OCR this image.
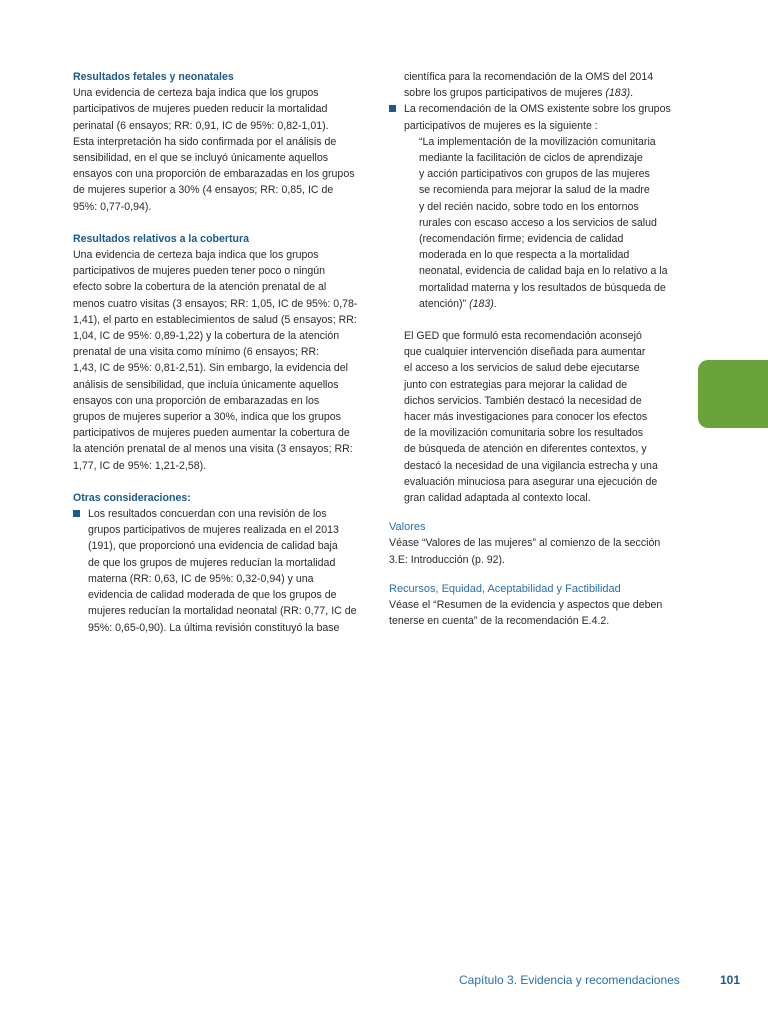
Resultados fetales y neonatales

Una evidencia de certeza baja indica que los grupos
participativos de mujeres pueden reducir la mortalidad
perinatal (6 ensayos; RR: 0,91, IC de 95%: 0,82-1,01).
Esta interpretación ha sido confirmada por el análisis de
sensibilidad, en el que se incluyó únicamente aquellos
ensayos con una proporción de embarazadas en los grupos
de mujeres superior a 30% (4 ensayos; RR: 0,85, IC de
95%: 0,77-0,94).

Resultados relativos a la cobertura

Una evidencia de certeza baja indica que los grupos
participativos de mujeres pueden tener poco o ningún
efecto sobre la cobertura de la atención prenatal de al
menos cuatro visitas (3 ensayos; RR: 1,05, IC de 95%: 0,78-
1,41), el parto en establecimientos de salud (5 ensayos; RR:
1,04, IC de 95%: 0,89-1,22) y la cobertura de la atención
prenatal de una visita como mínimo (6 ensayos; RR:
1,43, IC de 95%: 0,81-2,51). Sin embargo, la evidencia del
análisis de sensibilidad, que incluía únicamente aquellos
ensayos con una proporción de embarazadas en los
grupos de mujeres superior a 30%, indica que los grupos
participativos de mujeres pueden aumentar la cobertura de
la atención prenatal de al menos una visita (3 ensayos; RR:
1,77, IC de 95%: 1,21-2,58).

Otras consideraciones:

Los resultados concuerdan con una revisión de los
grupos participativos de mujeres realizada en el 2013
(191), que proporcionó una evidencia de calidad baja
de que los grupos de mujeres reducían la mortalidad
materna (RR: 0,63, IC de 95%: 0,32-0,94) y una
evidencia de calidad moderada de que los grupos de
mujeres reducían la mortalidad neonatal (RR: 0,77, IC de
95%: 0,65-0,90). La última revisión constituyó la base
científica para la recomendación de la OMS del 2014
sobre los grupos participativos de mujeres (183).
La recomendación de la OMS existente sobre los grupos
participativos de mujeres es la siguiente :
“La implementación de la movilización comunitaria
mediante la facilitación de ciclos de aprendizaje
y acción participativos con grupos de las mujeres
se recomienda para mejorar la salud de la madre
y del recién nacido, sobre todo en los entornos
rurales con escaso acceso a los servicios de salud
(recomendación firme; evidencia de calidad
moderada en lo que respecta a la mortalidad
neonatal, evidencia de calidad baja en lo relativo a la
mortalidad materna y los resultados de búsqueda de
atención)” (183).
El GED que formuló esta recomendación aconsejó
que cualquier intervención diseñada para aumentar
el acceso a los servicios de salud debe ejecutarse
junto con estrategias para mejorar la calidad de
dichos servicios. También destacó la necesidad de
hacer más investigaciones para conocer los efectos
de la movilización comunitaria sobre los resultados
de búsqueda de atención en diferentes contextos, y
destacó la necesidad de una vigilancia estrecha y una
evaluación minuciosa para asegurar una ejecución de
gran calidad adaptada al contexto local.

Valores

Véase “Valores de las mujeres” al comienzo de la sección
3.E: Introducción (p. 92).

Recursos, Equidad, Aceptabilidad y Factibilidad

Véase el “Resumen de la evidencia y aspectos que deben
tenerse en cuenta” de la recomendación E.4.2.
Capítulo 3. Evidencia y recomendaciones	101
